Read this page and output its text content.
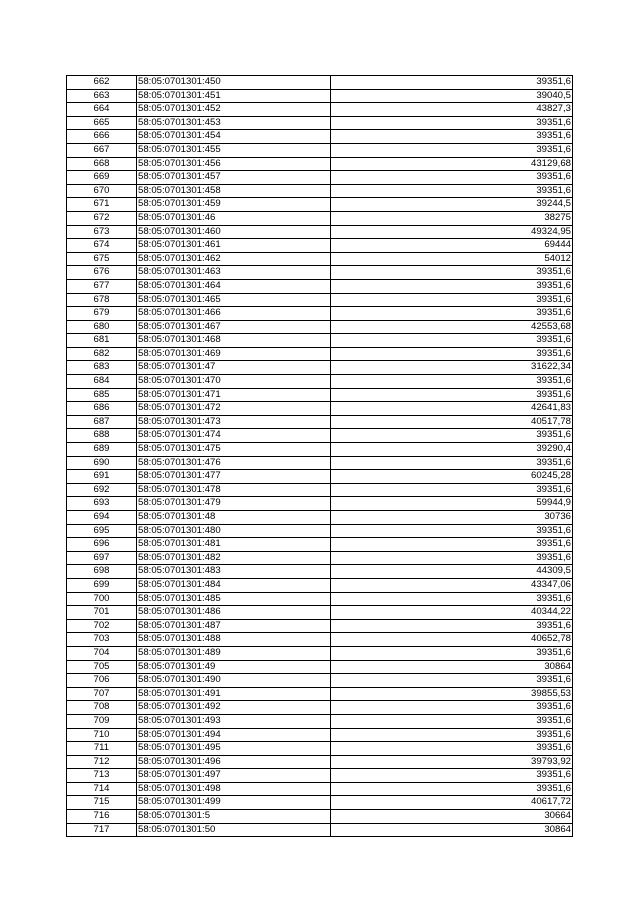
662	58:05:0701301:450	39351,6
663	58:05:0701301:451	39040,5
664	58:05:0701301:452	43827,3
665	58:05:0701301:453	39351,6
666	58:05:0701301:454	39351,6
667	58:05:0701301:455	39351,6
668	58:05:0701301:456	43129,68
669	58:05:0701301:457	39351,6
670	58:05:0701301:458	39351,6
671	58:05:0701301:459	39244,5
672	58:05:0701301:46	38275
673	58:05:0701301:460	49324,95
674	58:05:0701301:461	69444
675	58:05:0701301:462	54012
676	58:05:0701301:463	39351,6
677	58:05:0701301:464	39351,6
678	58:05:0701301:465	39351,6
679	58:05:0701301:466	39351,6
680	58:05:0701301:467	42553,68
681	58:05:0701301:468	39351,6
682	58:05:0701301:469	39351,6
683	58:05:0701301:47	31622,34
684	58:05:0701301:470	39351,6
685	58:05:0701301:471	39351,6
686	58:05:0701301:472	42641,83
687	58:05:0701301:473	40517,78
688	58:05:0701301:474	39351,6
689	58:05:0701301:475	39290,4
690	58:05:0701301:476	39351,6
691	58:05:0701301:477	60245,28
692	58:05:0701301:478	39351,6
693	58:05:0701301:479	59944,9
694	58:05:0701301:48	30736
695	58:05:0701301:480	39351,6
696	58:05:0701301:481	39351,6
697	58:05:0701301:482	39351,6
698	58:05:0701301:483	44309,5
699	58:05:0701301:484	43347,06
700	58:05:0701301:485	39351,6
701	58:05:0701301:486	40344,22
702	58:05:0701301:487	39351,6
703	58:05:0701301:488	40652,78
704	58:05:0701301:489	39351,6
705	58:05:0701301:49	30864
706	58:05:0701301:490	39351,6
707	58:05:0701301:491	39855,53
708	58:05:0701301:492	39351,6
709	58:05:0701301:493	39351,6
710	58:05:0701301:494	39351,6
711	58:05:0701301:495	39351,6
712	58:05:0701301:496	39793,92
713	58:05:0701301:497	39351,6
714	58:05:0701301:498	39351,6
715	58:05:0701301:499	40617,72
716	58:05:0701301:5	30664
717	58:05:0701301:50	30864
